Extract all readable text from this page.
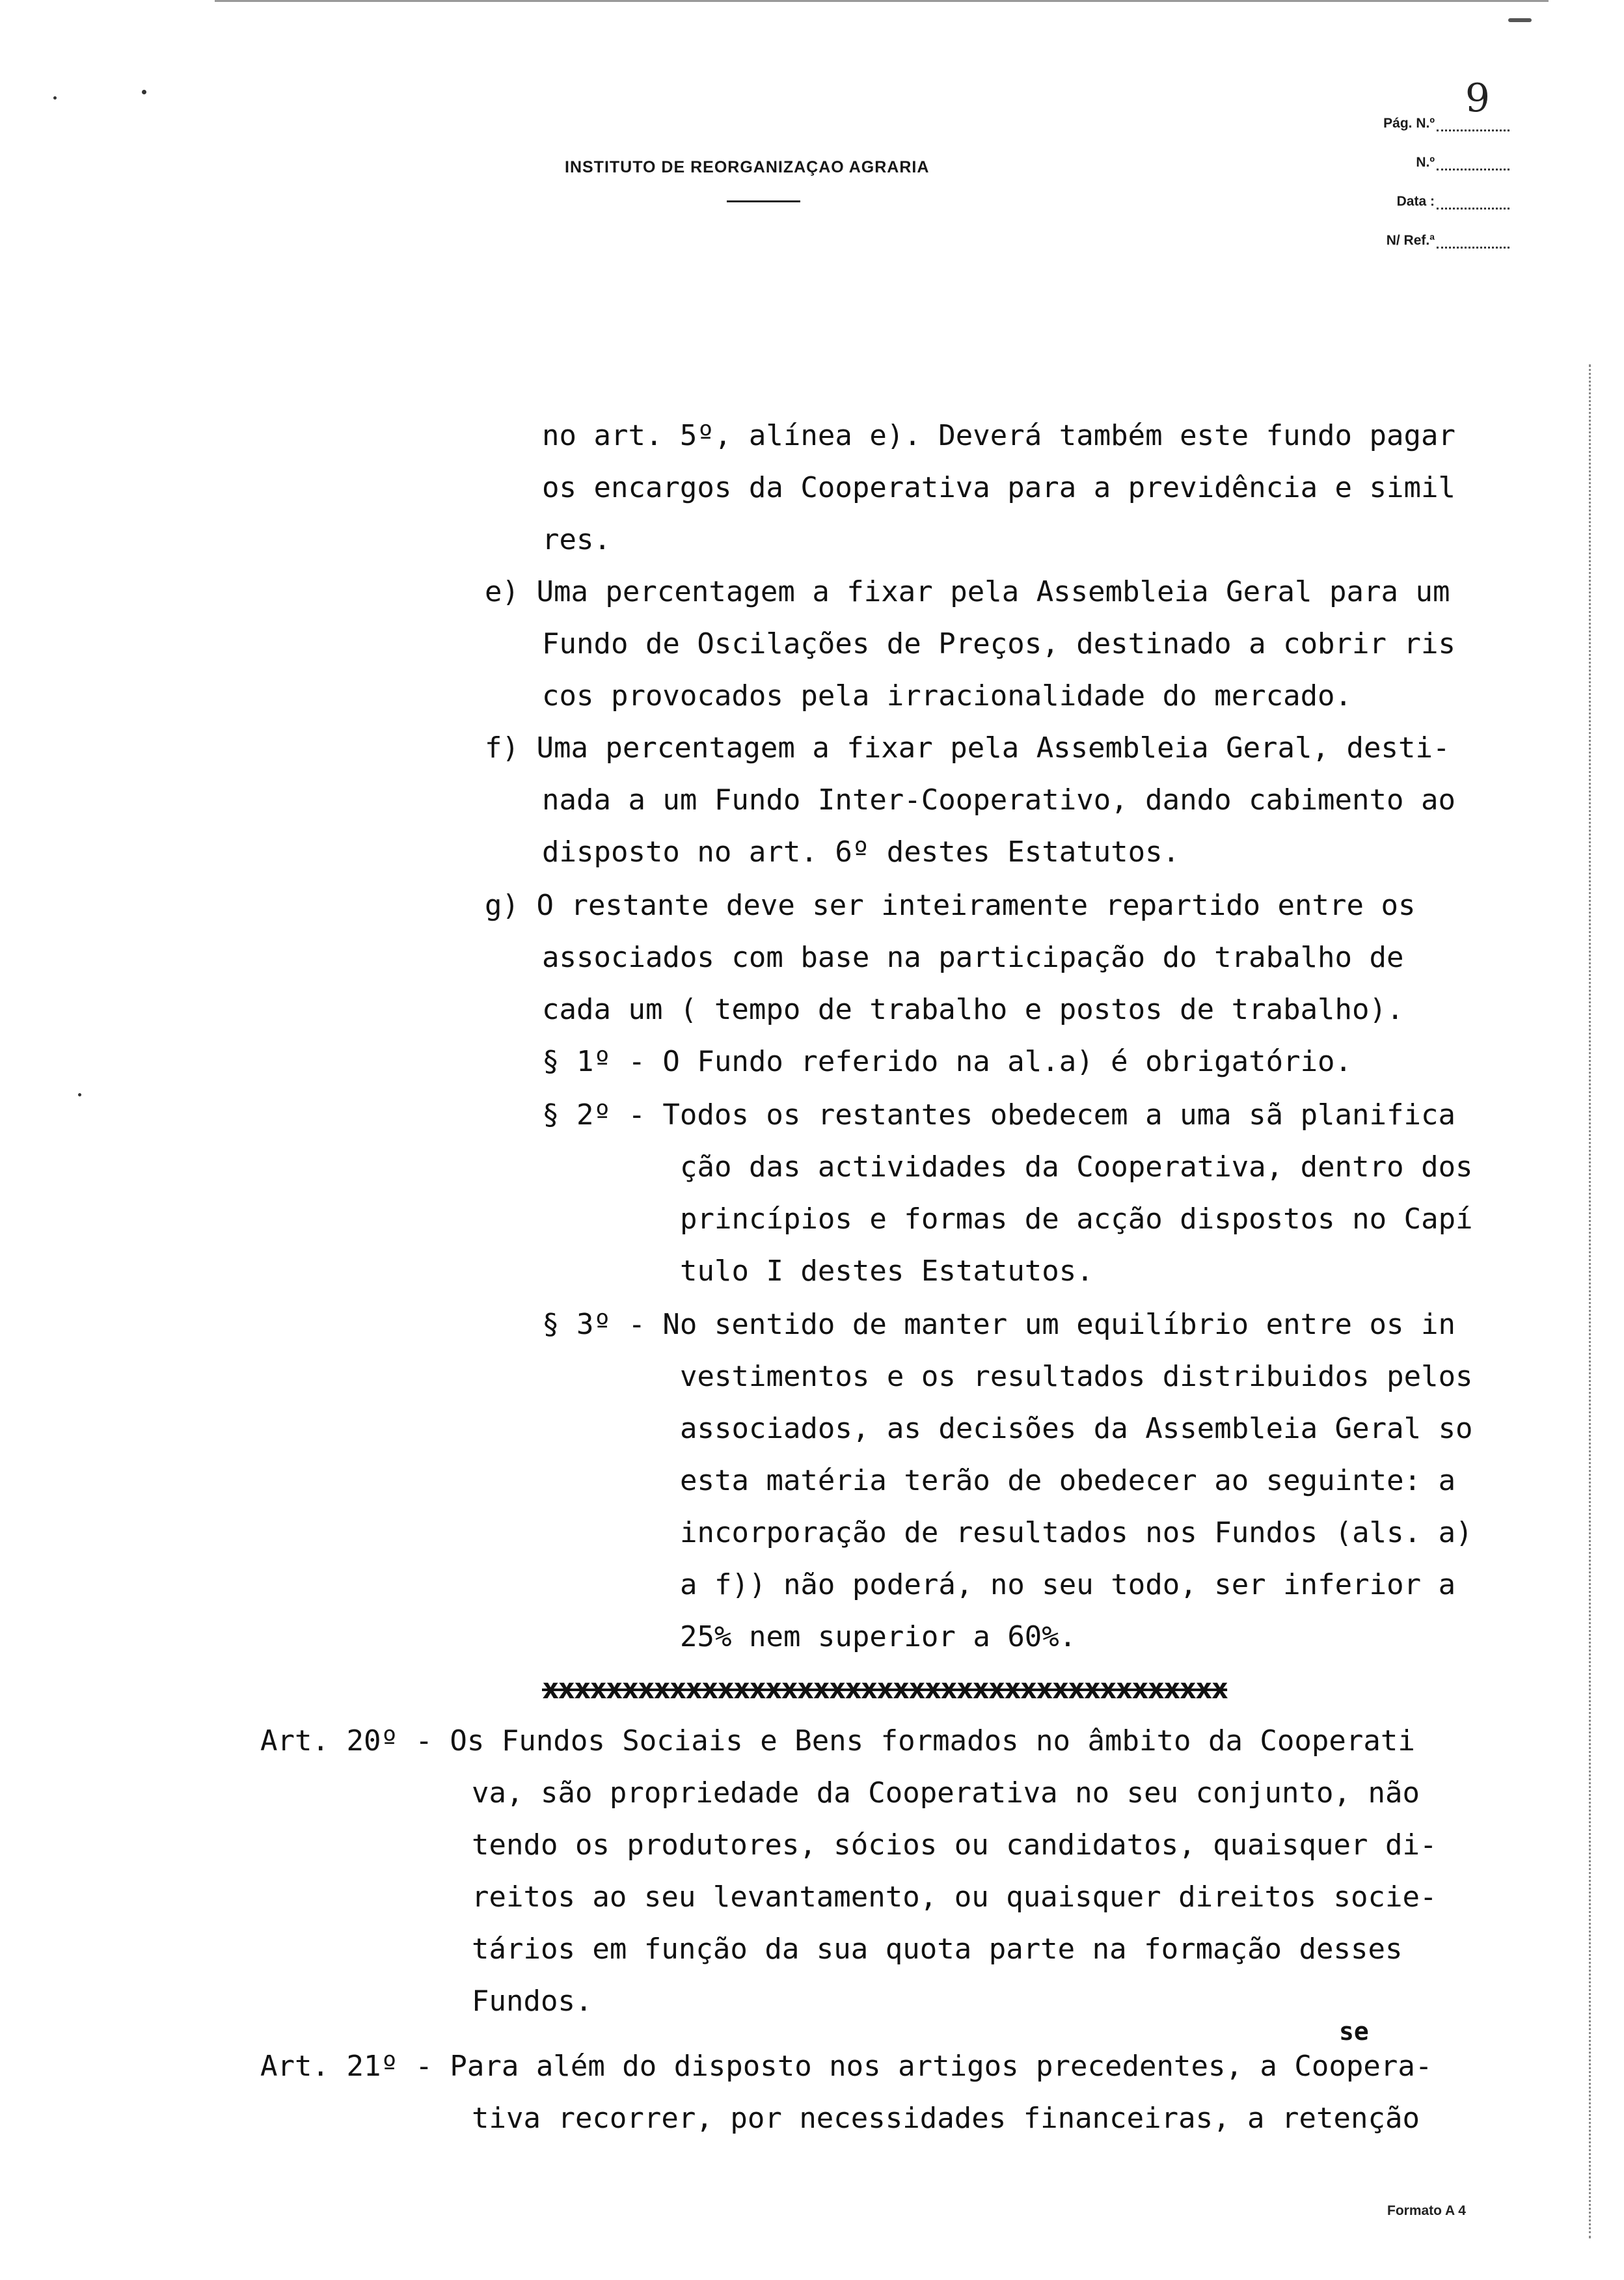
INSTITUTO DE REORGANIZAÇAO AGRARIA
Pág. N.º
9
N.º
Data :
N/ Ref.ª
no art. 5º, alínea e). Deverá também este fundo pagar
os encargos da Cooperativa para a previdência e simil
res.
e) Uma percentagem a fixar pela Assembleia Geral para um
Fundo de Oscilações de Preços, destinado a cobrir ris
cos provocados pela irracionalidade do mercado.
f) Uma percentagem a fixar pela Assembleia Geral, desti-
nada a um Fundo Inter-Cooperativo, dando cabimento ao
disposto no art. 6º destes Estatutos.
g) O restante deve ser inteiramente repartido entre os
associados com base na participação do trabalho de
cada um ( tempo de trabalho e postos de trabalho).
§ 1º - O Fundo referido na al.a) é obrigatório.
§ 2º - Todos os restantes obedecem a uma sã planifica
ção das actividades da Cooperativa, dentro dos
princípios e formas de acção dispostos no Capí
tulo I destes Estatutos.
§ 3º - No sentido de manter um equilíbrio entre os in
vestimentos e os resultados distribuidos pelos
associados, as decisões da Assembleia Geral so
esta matéria terão de obedecer ao seguinte: a
incorporação de resultados nos Fundos (als. a)
a f)) não poderá, no seu todo, ser inferior a
25% nem superior a 60%.
xxxxxxxxxxxxxxxxxxxxxxxxxxxxxxxxxxxxxxxxxxx
Art. 20º - Os Fundos Sociais e Bens formados no âmbito da Cooperati
va, são propriedade da Cooperativa no seu conjunto, não
tendo os produtores, sócios ou candidatos, quaisquer di-
reitos ao seu levantamento, ou quaisquer direitos socie-
tários em função da sua quota parte na formação desses
Fundos.
se
Art. 21º - Para além do disposto nos artigos precedentes, a Coopera-
tiva recorrer, por necessidades financeiras, a retenção
Formato A 4
